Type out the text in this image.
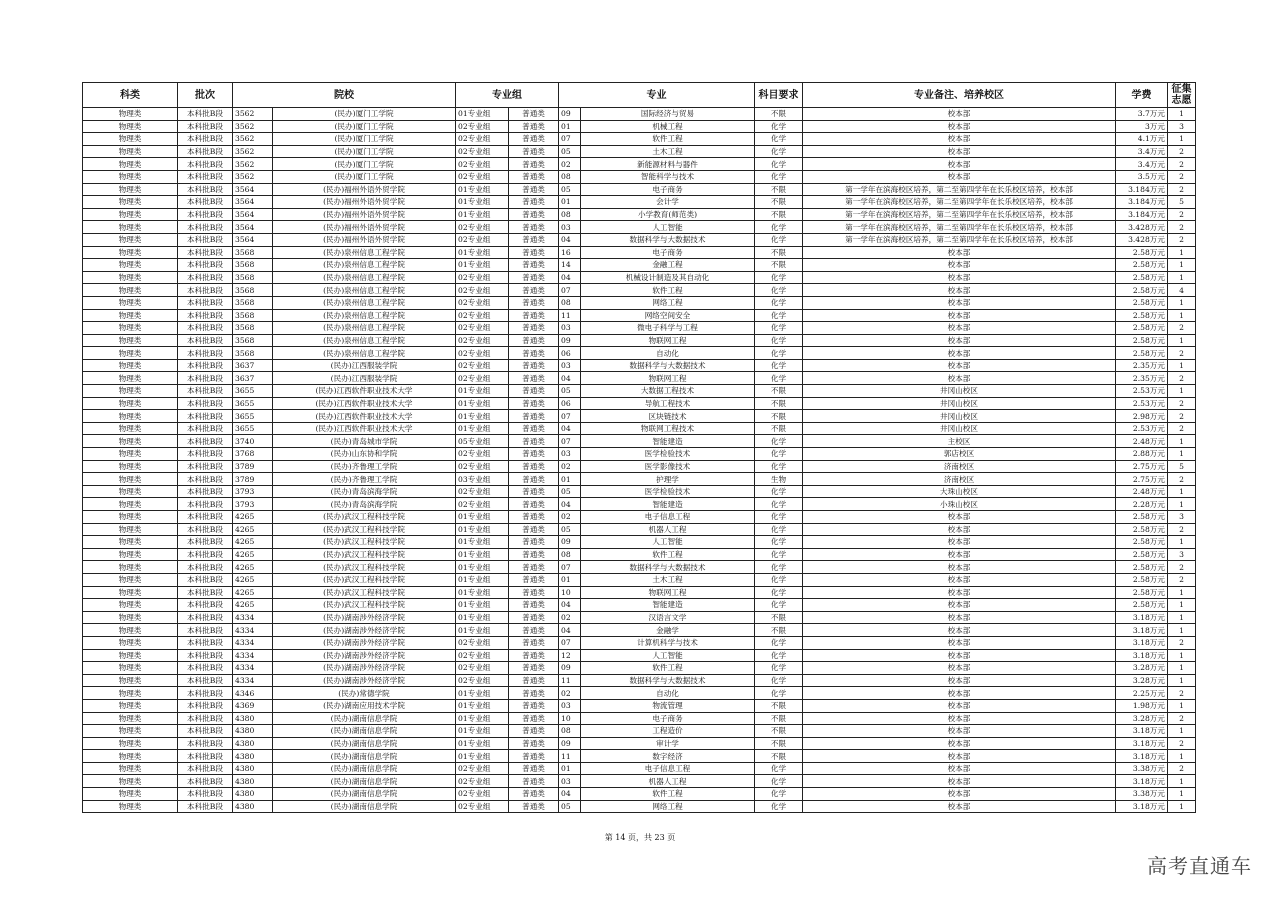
科类	批次	院校		专业组		专业		科目要求	专业备注、培养校区	学费	征集
志愿
物理类	本科批B段	3562	(民办)厦门工学院	01专业组	普通类	09	国际经济与贸易	不限	校本部	3.7万元	1
物理类	本科批B段	3562	(民办)厦门工学院	02专业组	普通类	01	机械工程	化学	校本部	3万元	3
物理类	本科批B段	3562	(民办)厦门工学院	02专业组	普通类	07	软件工程	化学	校本部	4.1万元	1
物理类	本科批B段	3562	(民办)厦门工学院	02专业组	普通类	05	土木工程	化学	校本部	3.4万元	2
物理类	本科批B段	3562	(民办)厦门工学院	02专业组	普通类	02	新能源材料与器件	化学	校本部	3.4万元	2
物理类	本科批B段	3562	(民办)厦门工学院	02专业组	普通类	08	智能科学与技术	化学	校本部	3.5万元	2
物理类	本科批B段	3564	(民办)福州外语外贸学院	01专业组	普通类	05	电子商务	不限	第一学年在滨海校区培养，第二至第四学年在长乐校区培养，校本部	3.184万元	2
物理类	本科批B段	3564	(民办)福州外语外贸学院	01专业组	普通类	01	会计学	不限	第一学年在滨海校区培养，第二至第四学年在长乐校区培养，校本部	3.184万元	5
物理类	本科批B段	3564	(民办)福州外语外贸学院	01专业组	普通类	08	小学教育(师范类)	不限	第一学年在滨海校区培养，第二至第四学年在长乐校区培养，校本部	3.184万元	2
物理类	本科批B段	3564	(民办)福州外语外贸学院	02专业组	普通类	03	人工智能	化学	第一学年在滨海校区培养，第二至第四学年在长乐校区培养，校本部	3.428万元	2
物理类	本科批B段	3564	(民办)福州外语外贸学院	02专业组	普通类	04	数据科学与大数据技术	化学	第一学年在滨海校区培养，第二至第四学年在长乐校区培养，校本部	3.428万元	2
物理类	本科批B段	3568	(民办)泉州信息工程学院	01专业组	普通类	16	电子商务	不限	校本部	2.58万元	1
物理类	本科批B段	3568	(民办)泉州信息工程学院	01专业组	普通类	14	金融工程	不限	校本部	2.58万元	1
物理类	本科批B段	3568	(民办)泉州信息工程学院	02专业组	普通类	04	机械设计制造及其自动化	化学	校本部	2.58万元	1
物理类	本科批B段	3568	(民办)泉州信息工程学院	02专业组	普通类	07	软件工程	化学	校本部	2.58万元	4
物理类	本科批B段	3568	(民办)泉州信息工程学院	02专业组	普通类	08	网络工程	化学	校本部	2.58万元	1
物理类	本科批B段	3568	(民办)泉州信息工程学院	02专业组	普通类	11	网络空间安全	化学	校本部	2.58万元	1
物理类	本科批B段	3568	(民办)泉州信息工程学院	02专业组	普通类	03	微电子科学与工程	化学	校本部	2.58万元	2
物理类	本科批B段	3568	(民办)泉州信息工程学院	02专业组	普通类	09	物联网工程	化学	校本部	2.58万元	1
物理类	本科批B段	3568	(民办)泉州信息工程学院	02专业组	普通类	06	自动化	化学	校本部	2.58万元	2
物理类	本科批B段	3637	(民办)江西服装学院	02专业组	普通类	03	数据科学与大数据技术	化学	校本部	2.35万元	1
物理类	本科批B段	3637	(民办)江西服装学院	02专业组	普通类	04	物联网工程	化学	校本部	2.35万元	2
物理类	本科批B段	3655	(民办)江西软件职业技术大学	01专业组	普通类	05	大数据工程技术	不限	井冈山校区	2.53万元	1
物理类	本科批B段	3655	(民办)江西软件职业技术大学	01专业组	普通类	06	导航工程技术	不限	井冈山校区	2.53万元	2
物理类	本科批B段	3655	(民办)江西软件职业技术大学	01专业组	普通类	07	区块链技术	不限	井冈山校区	2.98万元	2
物理类	本科批B段	3655	(民办)江西软件职业技术大学	01专业组	普通类	04	物联网工程技术	不限	井冈山校区	2.53万元	2
物理类	本科批B段	3740	(民办)青岛城市学院	05专业组	普通类	07	智能建造	化学	主校区	2.48万元	1
物理类	本科批B段	3768	(民办)山东协和学院	02专业组	普通类	03	医学检验技术	化学	郭店校区	2.88万元	1
物理类	本科批B段	3789	(民办)齐鲁理工学院	02专业组	普通类	02	医学影像技术	化学	济南校区	2.75万元	5
物理类	本科批B段	3789	(民办)齐鲁理工学院	03专业组	普通类	01	护理学	生物	济南校区	2.75万元	2
物理类	本科批B段	3793	(民办)青岛滨海学院	02专业组	普通类	05	医学检验技术	化学	大珠山校区	2.48万元	1
物理类	本科批B段	3793	(民办)青岛滨海学院	02专业组	普通类	04	智能建造	化学	小珠山校区	2.28万元	1
物理类	本科批B段	4265	(民办)武汉工程科技学院	01专业组	普通类	02	电子信息工程	化学	校本部	2.58万元	3
物理类	本科批B段	4265	(民办)武汉工程科技学院	01专业组	普通类	05	机器人工程	化学	校本部	2.58万元	2
物理类	本科批B段	4265	(民办)武汉工程科技学院	01专业组	普通类	09	人工智能	化学	校本部	2.58万元	1
物理类	本科批B段	4265	(民办)武汉工程科技学院	01专业组	普通类	08	软件工程	化学	校本部	2.58万元	3
物理类	本科批B段	4265	(民办)武汉工程科技学院	01专业组	普通类	07	数据科学与大数据技术	化学	校本部	2.58万元	2
物理类	本科批B段	4265	(民办)武汉工程科技学院	01专业组	普通类	01	土木工程	化学	校本部	2.58万元	2
物理类	本科批B段	4265	(民办)武汉工程科技学院	01专业组	普通类	10	物联网工程	化学	校本部	2.58万元	1
物理类	本科批B段	4265	(民办)武汉工程科技学院	01专业组	普通类	04	智能建造	化学	校本部	2.58万元	1
物理类	本科批B段	4334	(民办)湖南涉外经济学院	01专业组	普通类	02	汉语言文学	不限	校本部	3.18万元	1
物理类	本科批B段	4334	(民办)湖南涉外经济学院	01专业组	普通类	04	金融学	不限	校本部	3.18万元	1
物理类	本科批B段	4334	(民办)湖南涉外经济学院	02专业组	普通类	07	计算机科学与技术	化学	校本部	3.18万元	2
物理类	本科批B段	4334	(民办)湖南涉外经济学院	02专业组	普通类	12	人工智能	化学	校本部	3.18万元	1
物理类	本科批B段	4334	(民办)湖南涉外经济学院	02专业组	普通类	09	软件工程	化学	校本部	3.28万元	1
物理类	本科批B段	4334	(民办)湖南涉外经济学院	02专业组	普通类	11	数据科学与大数据技术	化学	校本部	3.28万元	1
物理类	本科批B段	4346	(民办)常德学院	01专业组	普通类	02	自动化	化学	校本部	2.25万元	2
物理类	本科批B段	4369	(民办)湖南应用技术学院	01专业组	普通类	03	物流管理	不限	校本部	1.98万元	1
物理类	本科批B段	4380	(民办)湖南信息学院	01专业组	普通类	10	电子商务	不限	校本部	3.28万元	2
物理类	本科批B段	4380	(民办)湖南信息学院	01专业组	普通类	08	工程造价	不限	校本部	3.18万元	1
物理类	本科批B段	4380	(民办)湖南信息学院	01专业组	普通类	09	审计学	不限	校本部	3.18万元	2
物理类	本科批B段	4380	(民办)湖南信息学院	01专业组	普通类	11	数字经济	不限	校本部	3.18万元	1
物理类	本科批B段	4380	(民办)湖南信息学院	02专业组	普通类	01	电子信息工程	化学	校本部	3.38万元	2
物理类	本科批B段	4380	(民办)湖南信息学院	02专业组	普通类	03	机器人工程	化学	校本部	3.18万元	1
物理类	本科批B段	4380	(民办)湖南信息学院	02专业组	普通类	04	软件工程	化学	校本部	3.38万元	1
物理类	本科批B段	4380	(民办)湖南信息学院	02专业组	普通类	05	网络工程	化学	校本部	3.18万元	1
第 14 页，共 23 页
高考直通车
